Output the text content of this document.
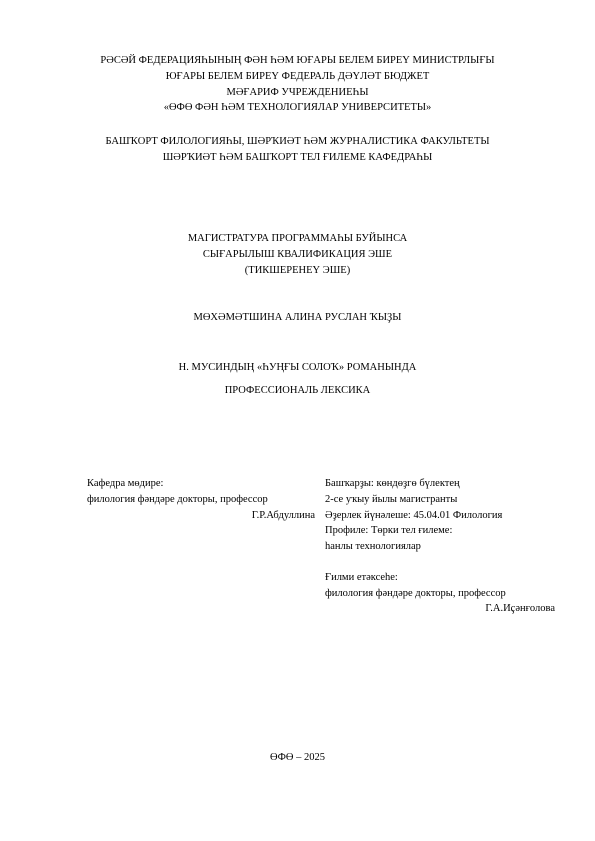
РӘСӘЙ ФЕДЕРАЦИЯҺЫНЫҢ ФӘН ҺӘМ ЮҒАРЫ БЕЛЕМ БИРЕҮ МИНИСТРЛЫҒЫ
ЮҒАРЫ БЕЛЕМ БИРЕҮ ФЕДЕРАЛЬ ДӘҮЛӘТ БЮДЖЕТ
МӘҒАРИФ УЧРЕЖДЕНИЕҺЫ
«ӨФӨ ФӘН ҺӘМ ТЕХНОЛОГИЯЛАР УНИВЕРСИТЕТЫ»
БАШҠОРТ ФИЛОЛОГИЯҺЫ, ШӘРҠИӘТ ҺӘМ ЖУРНАЛИСТИКА ФАКУЛЬТЕТЫ
ШӘРҠИӘТ ҺӘМ БАШҠОРТ ТЕЛ ҒИЛЕМЕ КАФЕДРАҺЫ
МАГИСТРАТУРА ПРОГРАММАҺЫ БУЙЫНСА
СЫҒАРЫЛЫШ КВАЛИФИКАЦИЯ ЭШЕ
(ТИКШЕРЕНЕҮ ЭШЕ)
МӨХӘМӘТШИНА АЛИНА РУСЛАН ҠЫҘЫ
Н. МУСИНДЫҢ «ҺУҢҒЫ СОЛОҠ» РОМАНЫНДА
ПРОФЕССИОНАЛЬ ЛЕКСИКА
Кафедра мөдире:
филология фәндәре докторы, профессор
Г.Р.Абдуллина
Башҡарҙы: көндөҙгө бүлектең
2-се уҡыу йылы магистранты
Әҙерлек йүнәлеше: 45.04.01 Филология
Профиле: Төрки тел ғилеме:
һанлы технологиялар
Ғилми етәксеһе:
филология фәндәре докторы, профессор
Г.А.Иҫәнғолова
ӨФӨ – 2025
